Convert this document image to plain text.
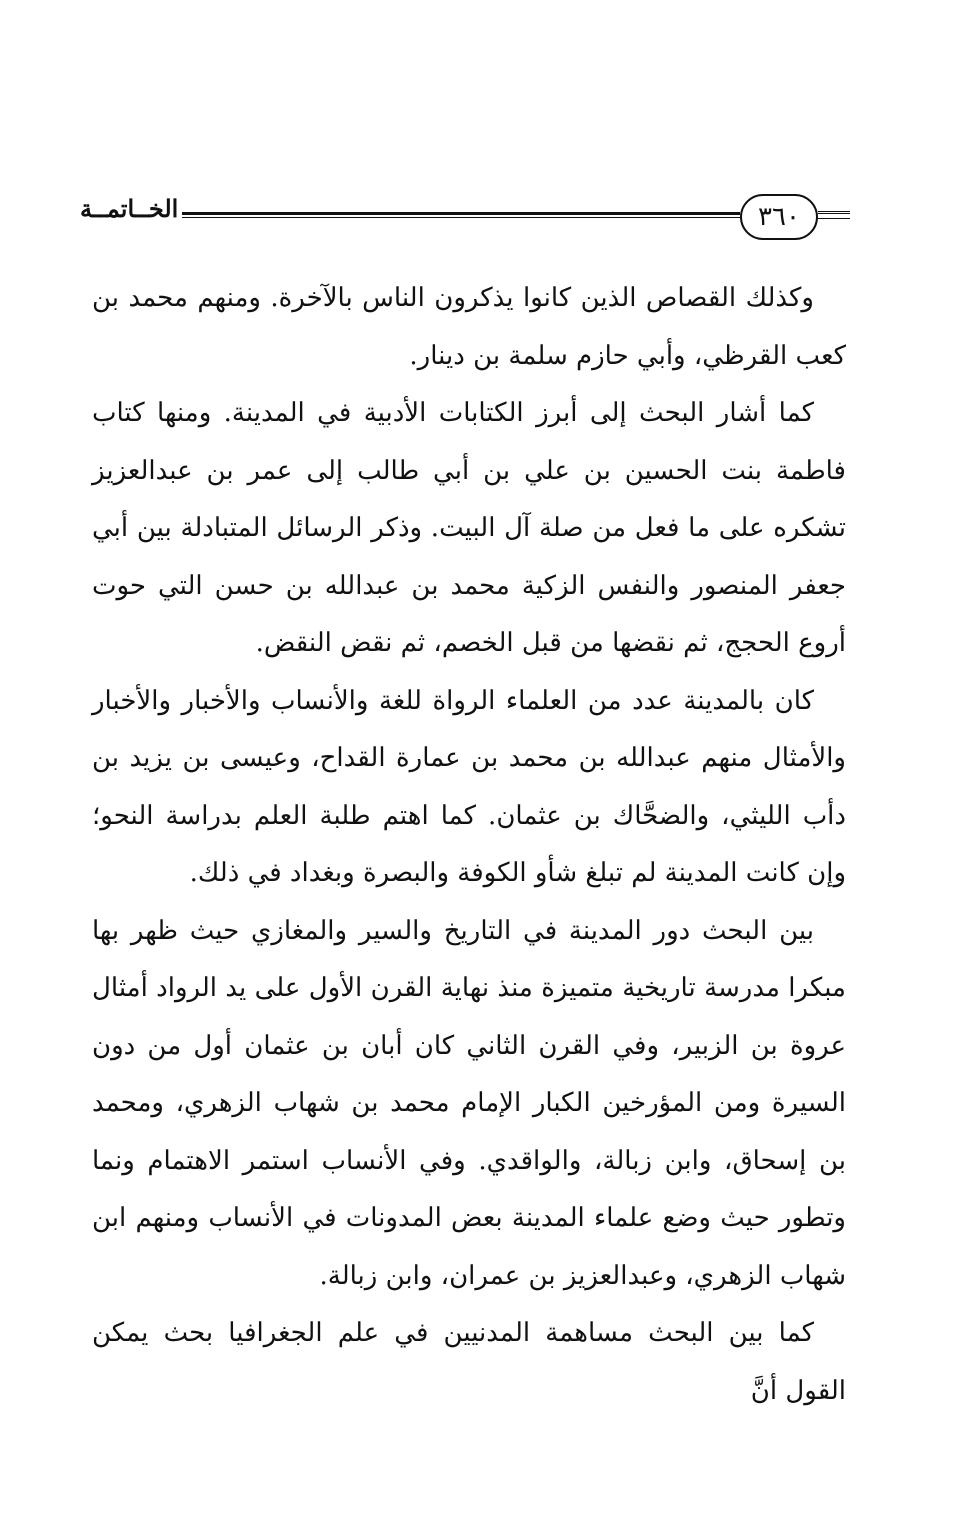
٣٦٠
الخــاتمــة

وكذلك القصاص الذين كانوا يذكرون الناس بالآخرة. ومنهم محمد بن كعب القرظي، وأبي حازم سلمة بن دينار.

كما أشار البحث إلى أبرز الكتابات الأدبية في المدينة. ومنها كتاب فاطمة بنت الحسين بن علي بن أبي طالب إلى عمر بن عبدالعزيز تشكره على ما فعل من صلة آل البيت. وذكر الرسائل المتبادلة بين أبي جعفر المنصور والنفس الزكية محمد بن عبدالله بن حسن التي حوت أروع الحجج، ثم نقضها من قبل الخصم، ثم نقض النقض.

كان بالمدينة عدد من العلماء الرواة للغة والأنساب والأخبار والأخبار والأمثال منهم عبدالله بن محمد بن عمارة القداح، وعيسى بن يزيد بن دأب الليثي، والضحَّاك بن عثمان. كما اهتم طلبة العلم بدراسة النحو؛ وإن كانت المدينة لم تبلغ شأو الكوفة والبصرة وبغداد في ذلك.

بين البحث دور المدينة في التاريخ والسير والمغازي حيث ظهر بها مبكرا مدرسة تاريخية متميزة منذ نهاية القرن الأول على يد الرواد أمثال عروة بن الزبير، وفي القرن الثاني كان أبان بن عثمان أول من دون السيرة ومن المؤرخين الكبار الإمام محمد بن شهاب الزهري، ومحمد بن إسحاق، وابن زبالة، والواقدي. وفي الأنساب استمر الاهتمام ونما وتطور حيث وضع علماء المدينة بعض المدونات في الأنساب ومنهم ابن شهاب الزهري، وعبدالعزيز بن عمران، وابن زبالة.

كما بين البحث مساهمة المدنيين في علم الجغرافيا بحث يمكن القول أنَّ
